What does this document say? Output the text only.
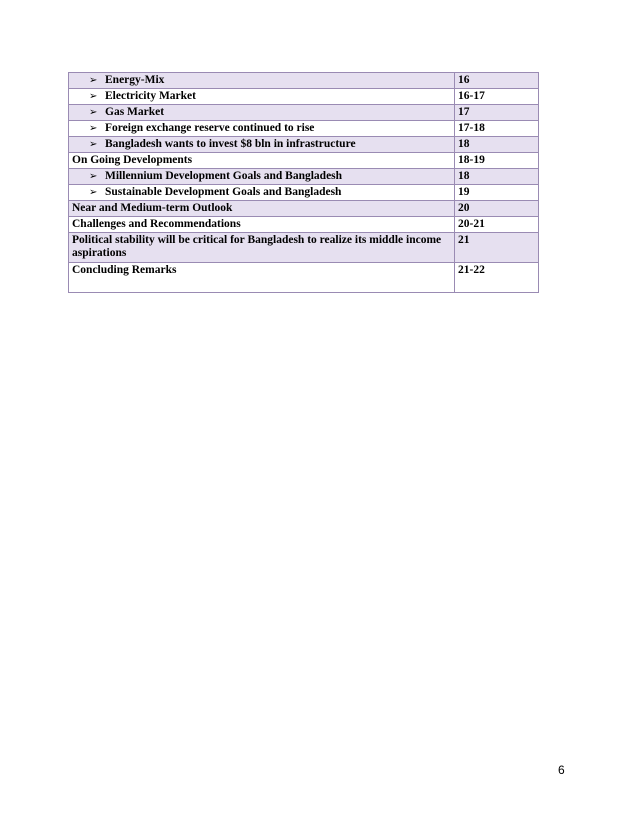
➢ Energy-Mix	16
➢ Electricity Market	16-17
➢ Gas Market	17
➢ Foreign exchange reserve continued to rise	17-18
➢ Bangladesh wants to invest $8 bln in infrastructure	18
On Going Developments	18-19
➢ Millennium Development Goals and Bangladesh	18
➢ Sustainable Development Goals and Bangladesh	19
Near and Medium-term Outlook	20
Challenges and Recommendations	20-21
Political stability will be critical for Bangladesh to realize its middle income aspirations	21
Concluding Remarks	21-22
6
